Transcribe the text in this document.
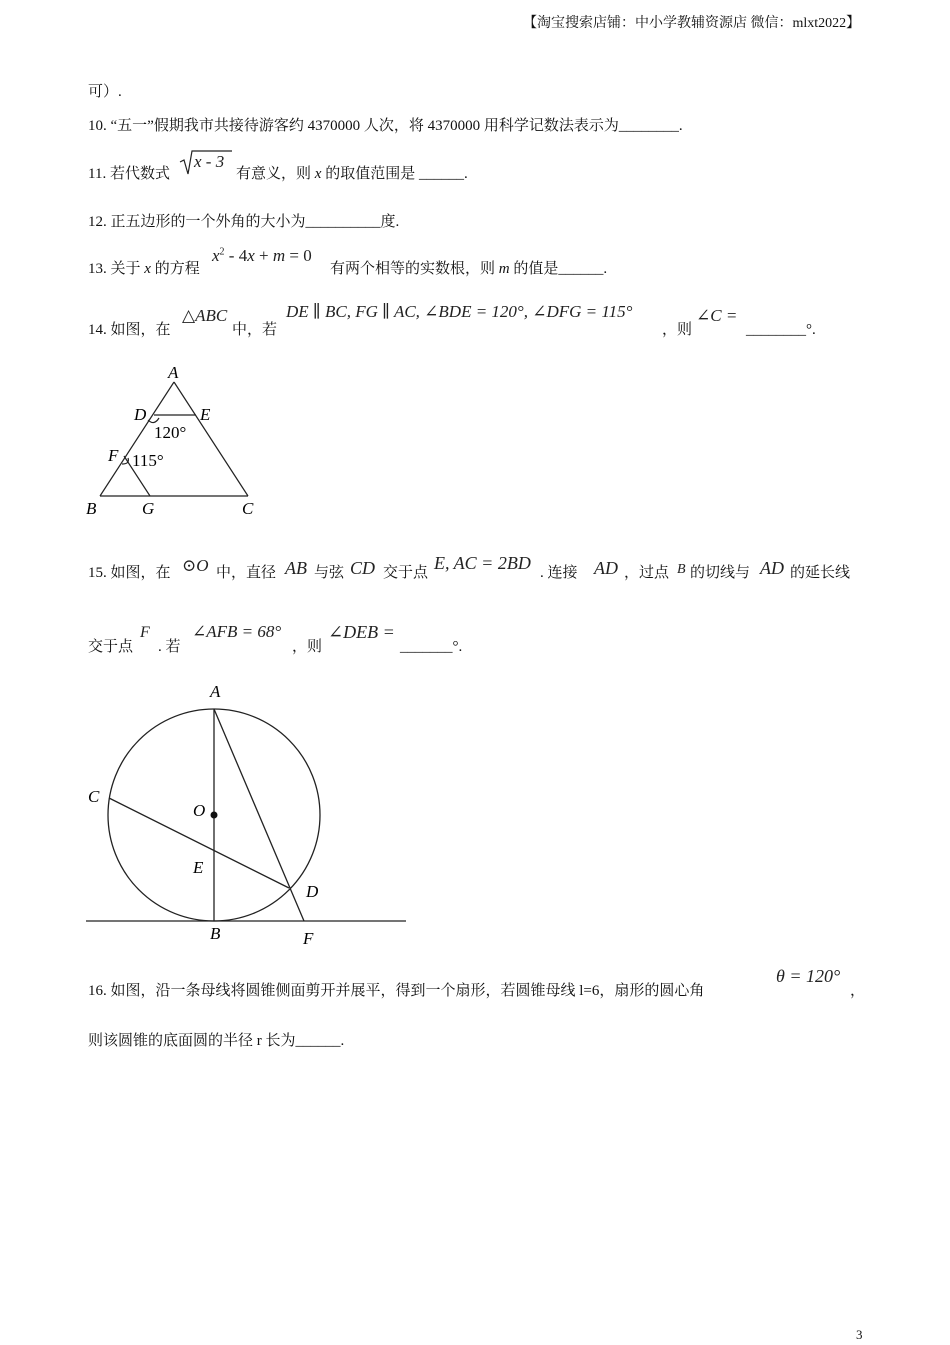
【淘宝搜索店铺：中小学教辅资源店 微信：mlxt2022】
可）.
10. “五一”假期我市共接待游客约 4370000 人次，将 4370000 用科学记数法表示为________.
11. 若代数式
x - 3
有意义，则 x 的取值范围是 ______.
12. 正五边形的一个外角的大小为__________度.
13. 关于 x 的方程
$x^2 - 4x + m = 0$
有两个相等的实数根，则 m 的值是______.
14. 如图，在
△ABC
中，若
DE ∥ BC, FG ∥ AC, ∠BDE = 120°, ∠DFG = 115°
，则
∠C =
________°.
A
D	E
120°
F 115°
B	G	C
15. 如图，在 ⊙O 中，直径 AB 与弦 CD 交于点 E, AC = 2BD . 连接 AD ，过点 B 的切线与 AD 的延长线
交于点
F
. 若
∠AFB = 68°
，则
∠DEB =
_______°.
A
C
O
E
D
B	F
16. 如图，沿一条母线将圆锥侧面剪开并展平，得到一个扇形，若圆锥母线 l=6，扇形的圆心角
θ = 120°
，
则该圆锥的底面圆的半径 r 长为______.
3
